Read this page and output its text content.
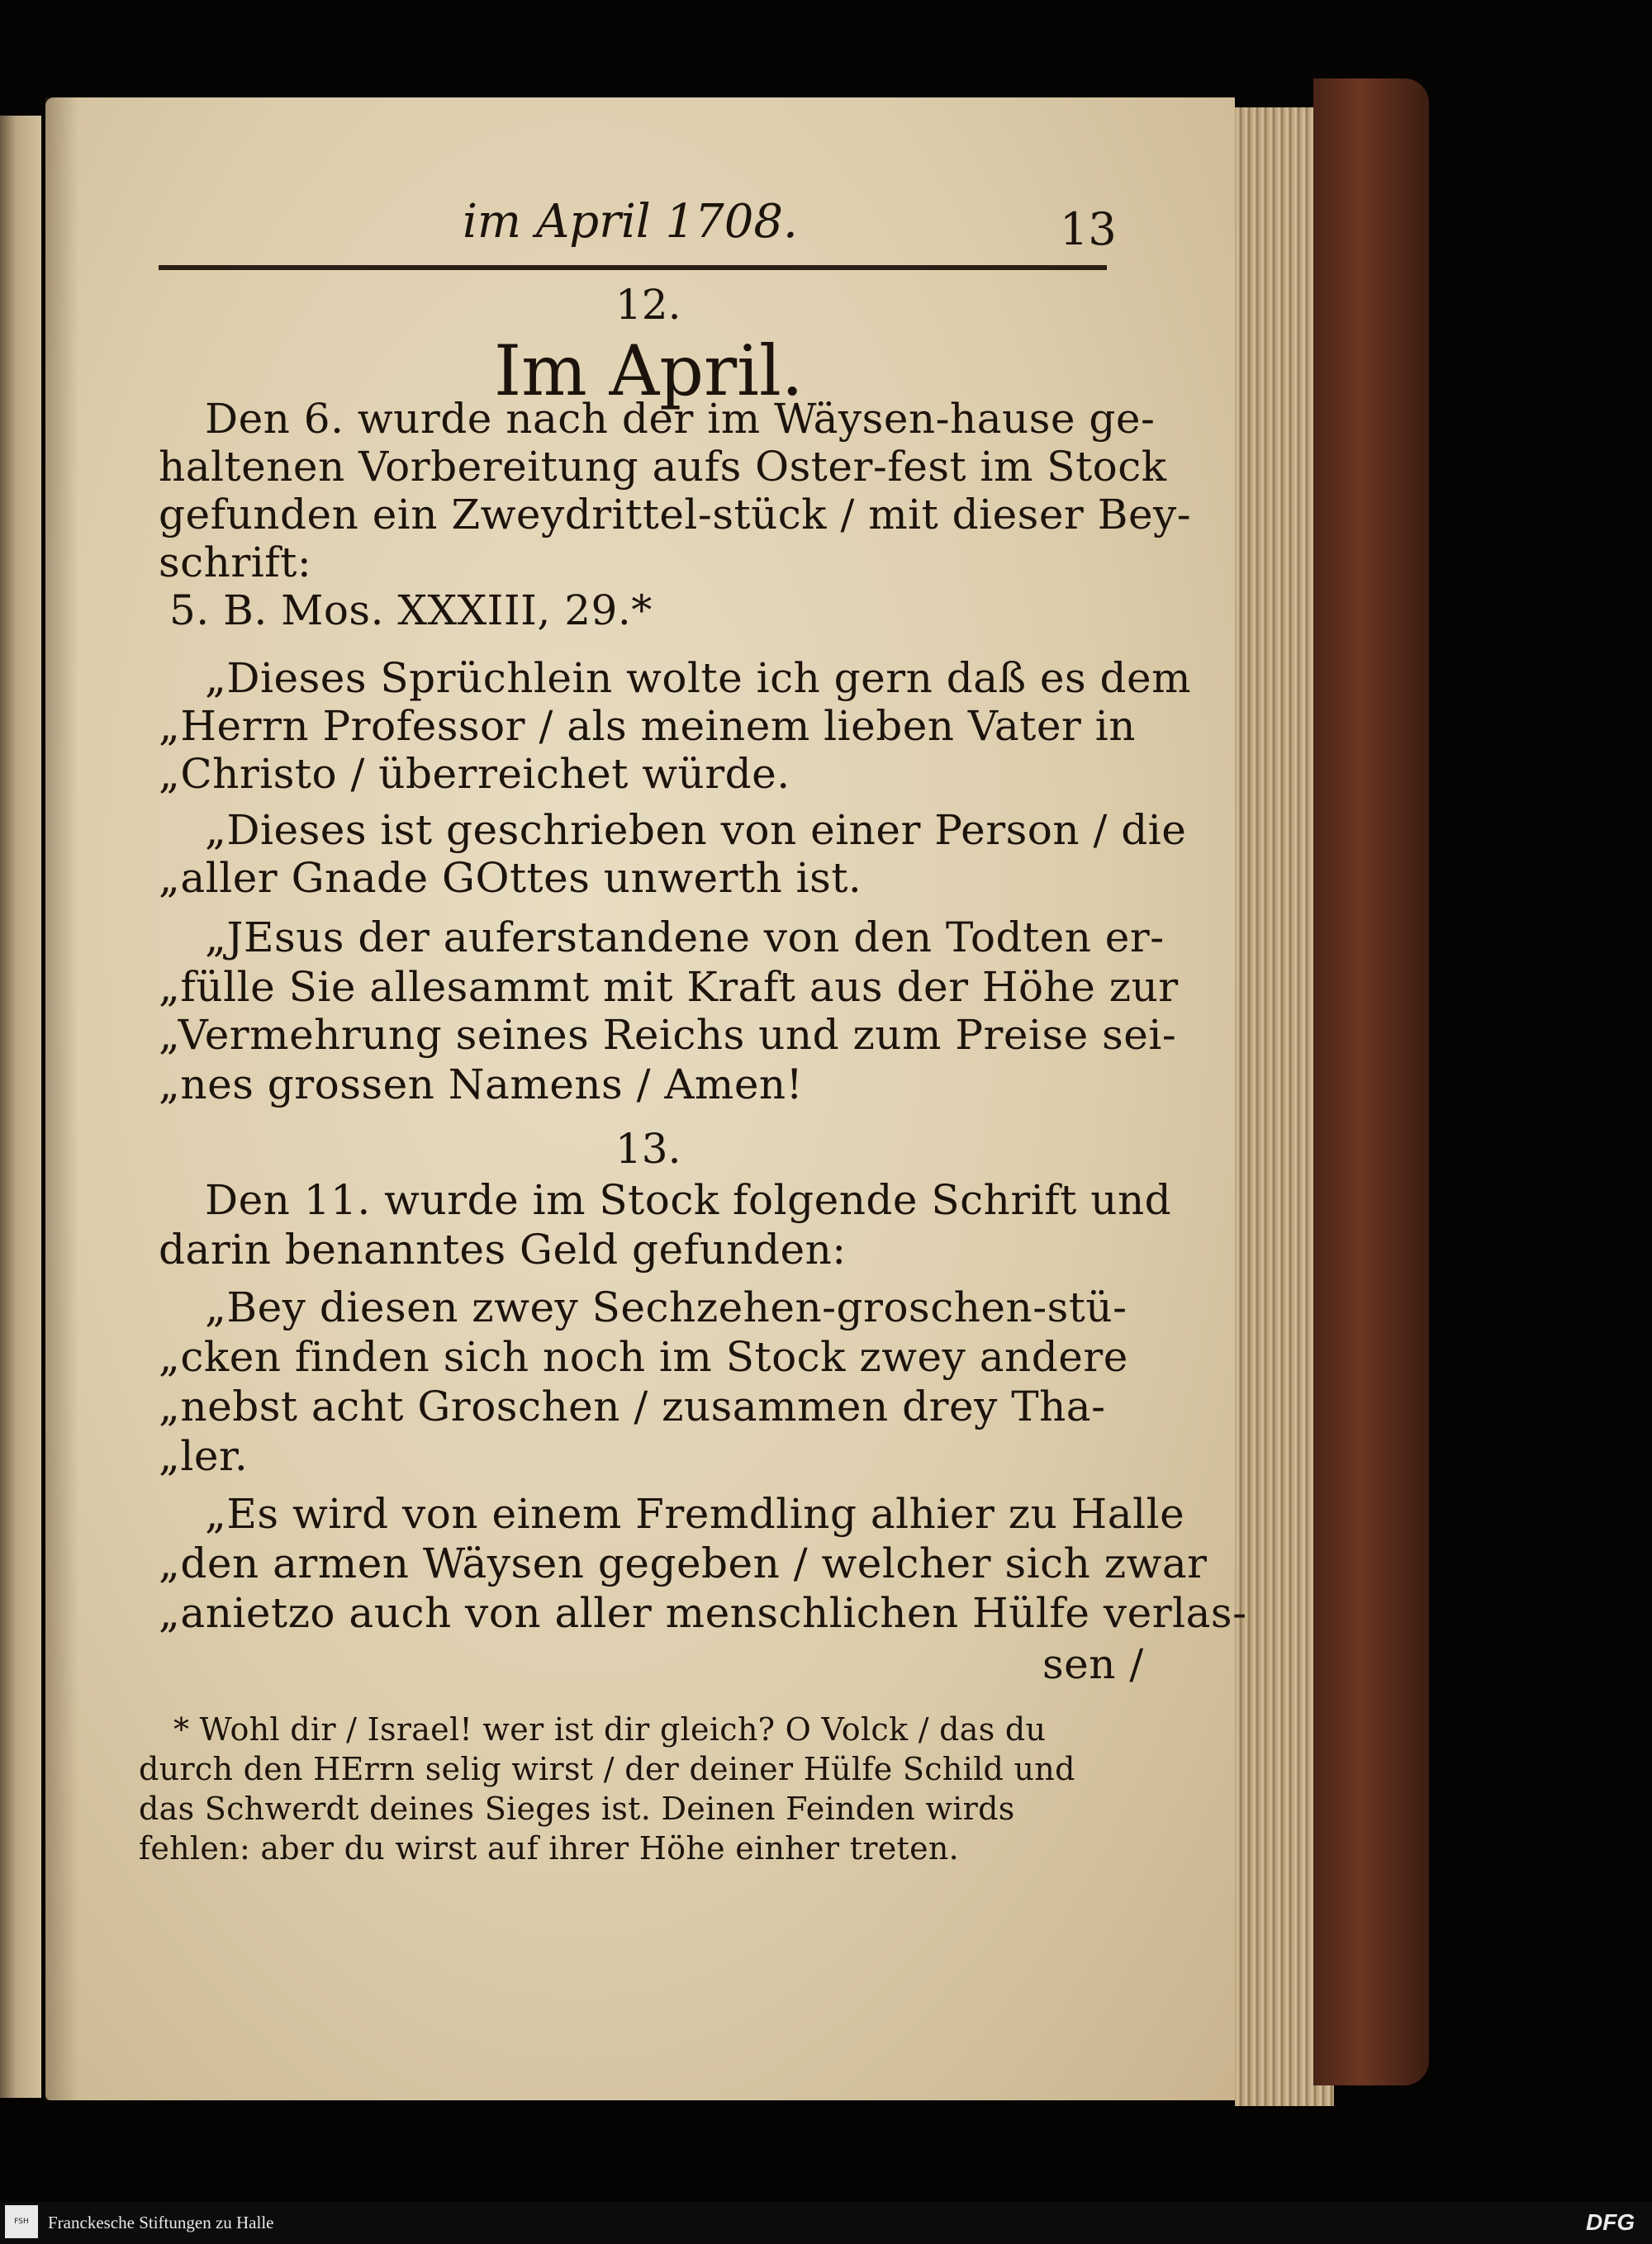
im April 1708.	13
12.
Im April.
Den 6. wurde nach der im Wäysen-hause ge-
haltenen Vorbereitung aufs Oster-fest im Stock
gefunden ein Zweydrittel-stück / mit dieser Bey-
schrift:
5. B. Mos. XXXIII, 29.*
„Dieses Sprüchlein wolte ich gern daß es dem
„Herrn Professor / als meinem lieben Vater in
„Christo / überreichet würde.
„Dieses ist geschrieben von einer Person / die
„aller Gnade GOttes unwerth ist.
„JEsus der auferstandene von den Todten er-
„fülle Sie allesammt mit Kraft aus der Höhe zur
„Vermehrung seines Reichs und zum Preise sei-
„nes grossen Namens / Amen!
13.
Den 11. wurde im Stock folgende Schrift und
darin benanntes Geld gefunden:
„Bey diesen zwey Sechzehen-groschen-stü-
„cken finden sich noch im Stock zwey andere
„nebst acht Groschen / zusammen drey Tha-
„ler.
„Es wird von einem Fremdling alhier zu Halle
„den armen Wäysen gegeben / welcher sich zwar
„anietzo auch von aller menschlichen Hülfe verlas-
sen /
* Wohl dir / Israel! wer ist dir gleich? O Volck / das du
durch den HErrn selig wirst / der deiner Hülfe Schild und
das Schwerdt deines Sieges ist. Deinen Feinden wirds
fehlen: aber du wirst auf ihrer Höhe einher treten.
FSH	Franckesche Stiftungen zu Halle	DFG
